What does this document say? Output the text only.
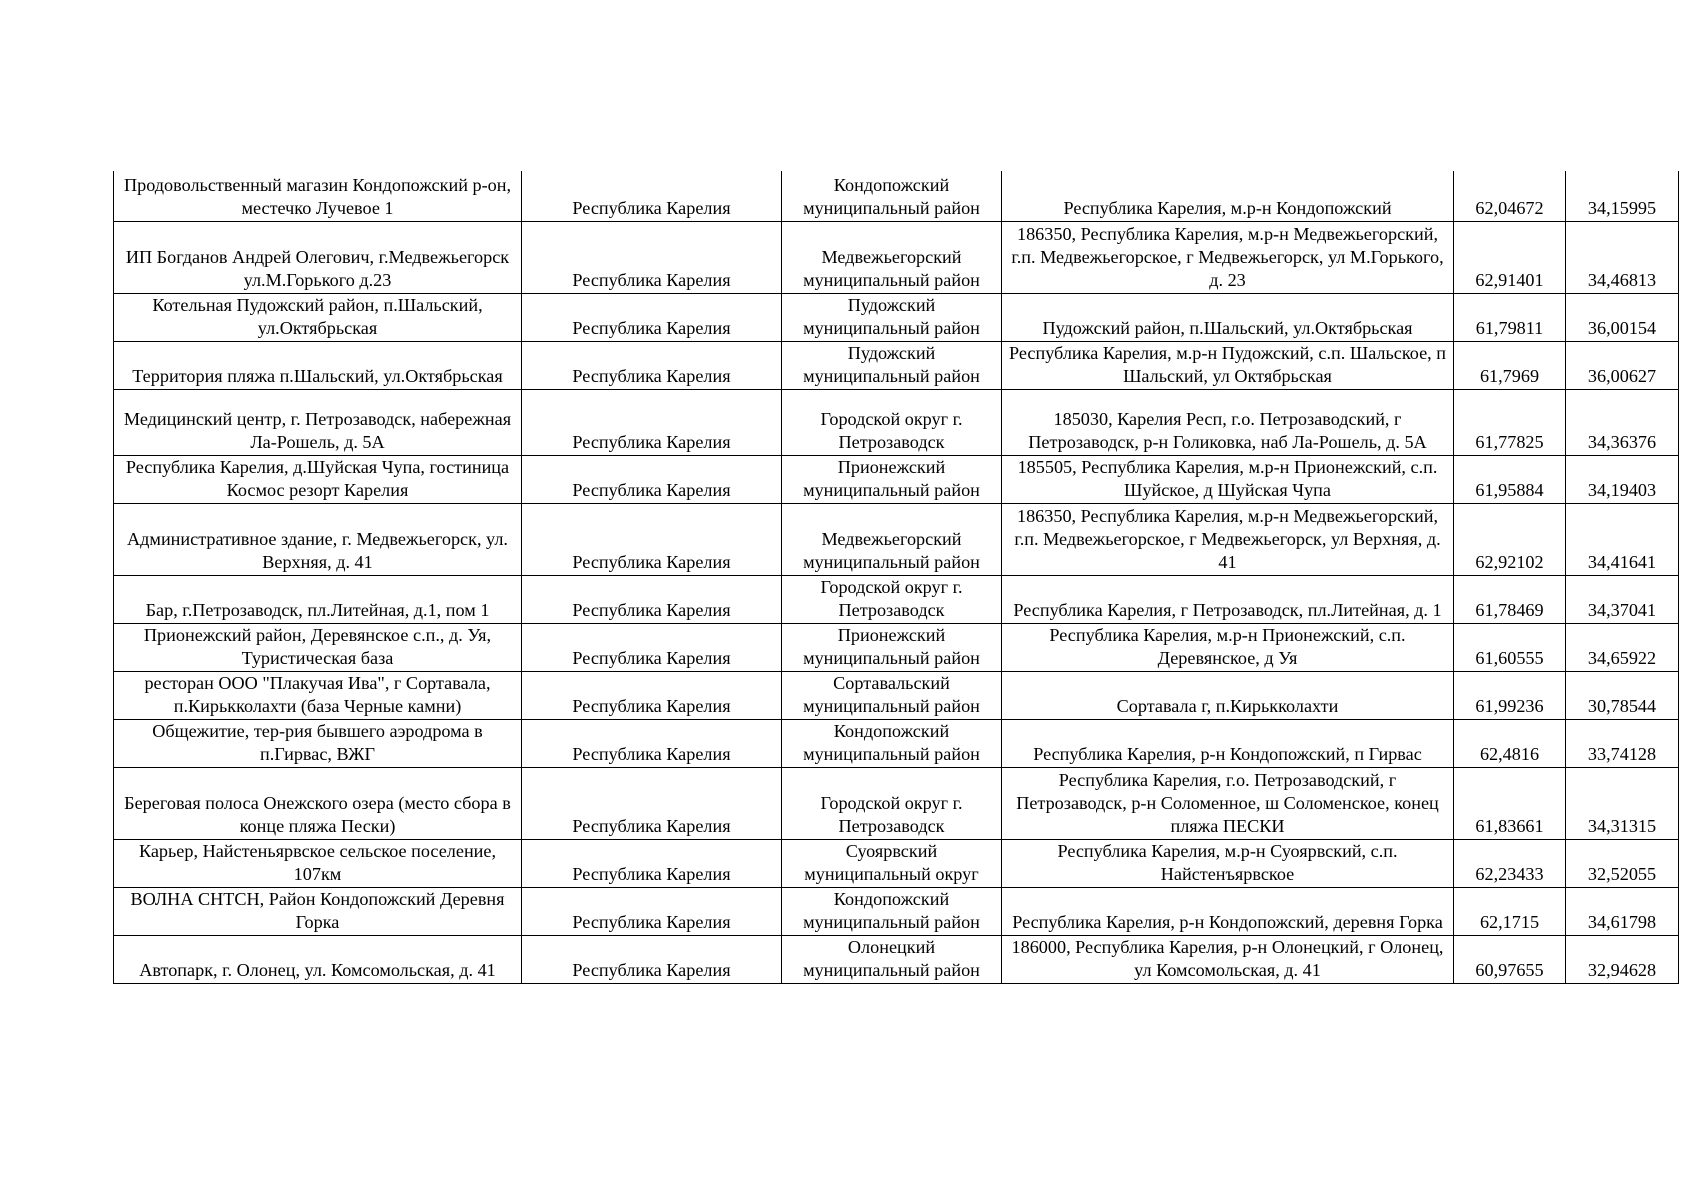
Продовольственный магазин Кондопожский р-он, местечко Лучевое 1	Республика Карелия	Кондопожский муниципальный район	Республика Карелия, м.р-н Кондопожский	62,04672	34,15995
ИП Богданов Андрей Олегович, г.Медвежьегорск ул.М.Горького д.23	Республика Карелия	Медвежьегорский муниципальный район	186350, Республика Карелия, м.р-н Медвежьегорский, г.п. Медвежьегорское, г Медвежьегорск, ул М.Горького, д. 23	62,91401	34,46813
Котельная Пудожский район, п.Шальский, ул.Октябрьская	Республика Карелия	Пудожский муниципальный район	Пудожский район, п.Шальский, ул.Октябрьская	61,79811	36,00154
Территория пляжа п.Шальский, ул.Октябрьская	Республика Карелия	Пудожский муниципальный район	Республика Карелия, м.р-н Пудожский, с.п. Шальское, п Шальский, ул Октябрьская	61,7969	36,00627
Медицинский центр, г. Петрозаводск, набережная Ла-Рошель, д. 5А	Республика Карелия	Городской округ г. Петрозаводск	185030, Карелия Респ, г.о. Петрозаводский, г Петрозаводск, р-н Голиковка, наб Ла-Рошель, д. 5А	61,77825	34,36376
Республика Карелия, д.Шуйская Чупа, гостиница Космос резорт Карелия	Республика Карелия	Прионежский муниципальный район	185505, Республика Карелия, м.р-н Прионежский, с.п. Шуйское, д Шуйская Чупа	61,95884	34,19403
Административное здание, г. Медвежьегорск, ул. Верхняя, д. 41	Республика Карелия	Медвежьегорский муниципальный район	186350, Республика Карелия, м.р-н Медвежьегорский, г.п. Медвежьегорское, г Медвежьегорск, ул Верхняя, д. 41	62,92102	34,41641
Бар, г.Петрозаводск, пл.Литейная, д.1, пом 1	Республика Карелия	Городской округ г. Петрозаводск	Республика Карелия, г Петрозаводск, пл.Литейная, д. 1	61,78469	34,37041
Прионежский район, Деревянское с.п., д. Уя, Туристическая база	Республика Карелия	Прионежский муниципальный район	Республика Карелия, м.р-н Прионежский, с.п. Деревянское, д Уя	61,60555	34,65922
ресторан ООО "Плакучая Ива", г Сортавала, п.Кирькколахти (база Черные камни)	Республика Карелия	Сортавальский муниципальный район	Сортавала г, п.Кирькколахти	61,99236	30,78544
Общежитие, тер-рия бывшего аэродрома в п.Гирвас, ВЖГ	Республика Карелия	Кондопожский муниципальный район	Республика Карелия, р-н Кондопожский, п Гирвас	62,4816	33,74128
Береговая полоса Онежского озера (место сбора в конце пляжа Пески)	Республика Карелия	Городской округ г. Петрозаводск	Республика Карелия, г.о. Петрозаводский, г Петрозаводск, р-н Соломенное, ш Соломенское, конец пляжа ПЕСКИ	61,83661	34,31315
Карьер, Найстеньярвское сельское поселение, 107км	Республика Карелия	Суоярвский муниципальный округ	Республика Карелия, м.р-н Суоярвский, с.п. Найстенъярвское	62,23433	32,52055
ВОЛНА СНТСН, Район Кондопожский Деревня Горка	Республика Карелия	Кондопожский муниципальный район	Республика Карелия, р-н Кондопожский, деревня Горка	62,1715	34,61798
Автопарк, г. Олонец, ул. Комсомольская, д. 41	Республика Карелия	Олонецкий муниципальный район	186000, Республика Карелия, р-н Олонецкий, г Олонец, ул Комсомольская, д. 41	60,97655	32,94628
